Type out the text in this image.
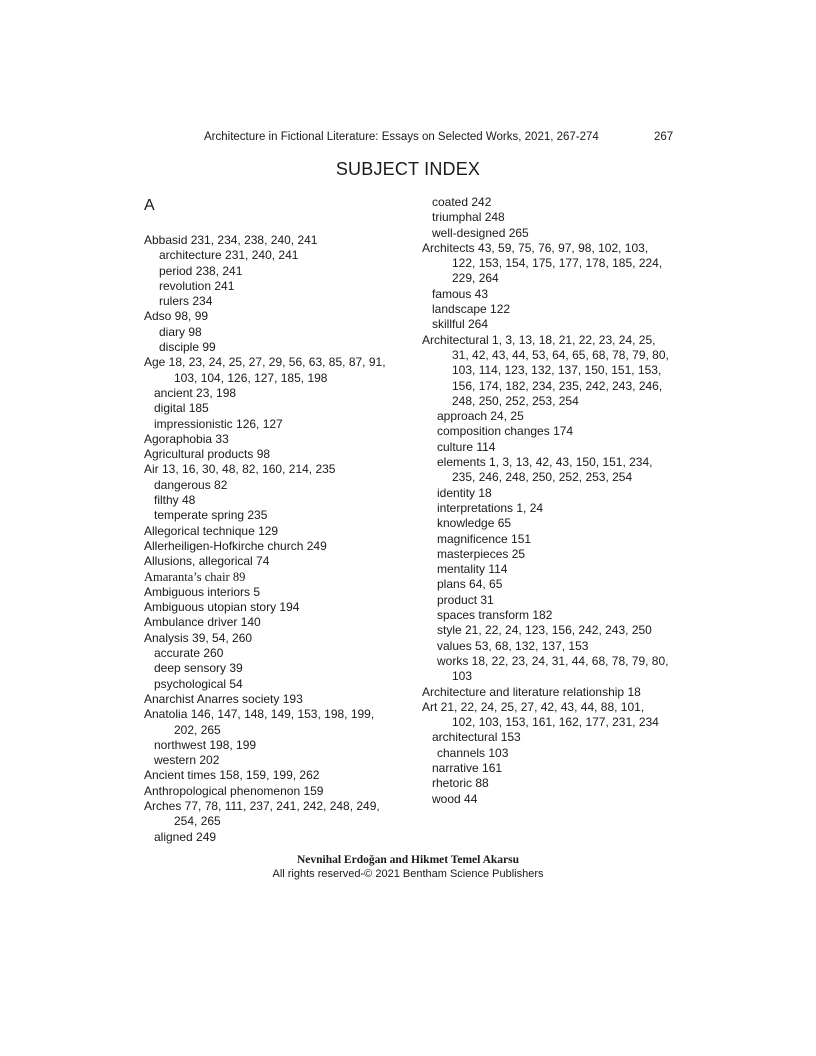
Architecture in Fictional Literature: Essays on Selected Works, 2021, 267-274	267
SUBJECT INDEX
A

Abbasid 231, 234, 238, 240, 241

architecture 231, 240, 241

period 238, 241

revolution 241

rulers 234

Adso 98, 99

diary 98

disciple 99

Age 18, 23, 24, 25, 27, 29, 56, 63, 85, 87, 91,

103, 104, 126, 127, 185, 198

ancient 23, 198

digital 185

impressionistic 126, 127

Agoraphobia 33

Agricultural products 98

Air 13, 16, 30, 48, 82, 160, 214, 235

dangerous 82

filthy 48

temperate spring 235

Allegorical technique 129

Allerheiligen-Hofkirche church 249

Allusions, allegorical 74

Amaranta’s chair 89

Ambiguous interiors 5

Ambiguous utopian story 194

Ambulance driver 140

Analysis 39, 54, 260

accurate 260

deep sensory 39

psychological 54

Anarchist Anarres society 193

Anatolia 146, 147, 148, 149, 153, 198, 199,

202, 265

northwest 198, 199

western 202

Ancient times 158, 159, 199, 262

Anthropological phenomenon 159

Arches 77, 78, 111, 237, 241, 242, 248, 249,

254, 265

aligned 249

coated 242

triumphal 248

well-designed 265

Architects 43, 59, 75, 76, 97, 98, 102, 103,

122, 153, 154, 175, 177, 178, 185, 224,

229, 264

famous 43

landscape 122

skillful 264

Architectural 1, 3, 13, 18, 21, 22, 23, 24, 25,

31, 42, 43, 44, 53, 64, 65, 68, 78, 79, 80,

103, 114, 123, 132, 137, 150, 151, 153,

156, 174, 182, 234, 235, 242, 243, 246,

248, 250, 252, 253, 254

approach 24, 25

composition changes 174

culture 114

elements 1, 3, 13, 42, 43, 150, 151, 234,

235, 246, 248, 250, 252, 253, 254

identity 18

interpretations 1, 24

knowledge 65

magnificence 151

masterpieces 25

mentality 114

plans 64, 65

product 31

spaces transform 182

style 21, 22, 24, 123, 156, 242, 243, 250

values 53, 68, 132, 137, 153

works 18, 22, 23, 24, 31, 44, 68, 78, 79, 80,

103

Architecture and literature relationship 18

Art 21, 22, 24, 25, 27, 42, 43, 44, 88, 101,

102, 103, 153, 161, 162, 177, 231, 234

architectural 153

channels 103

narrative 161

rhetoric 88

wood 44

Nevnihal Erdoğan and Hikmet Temel Akarsu
All rights reserved-© 2021 Bentham Science Publishers
